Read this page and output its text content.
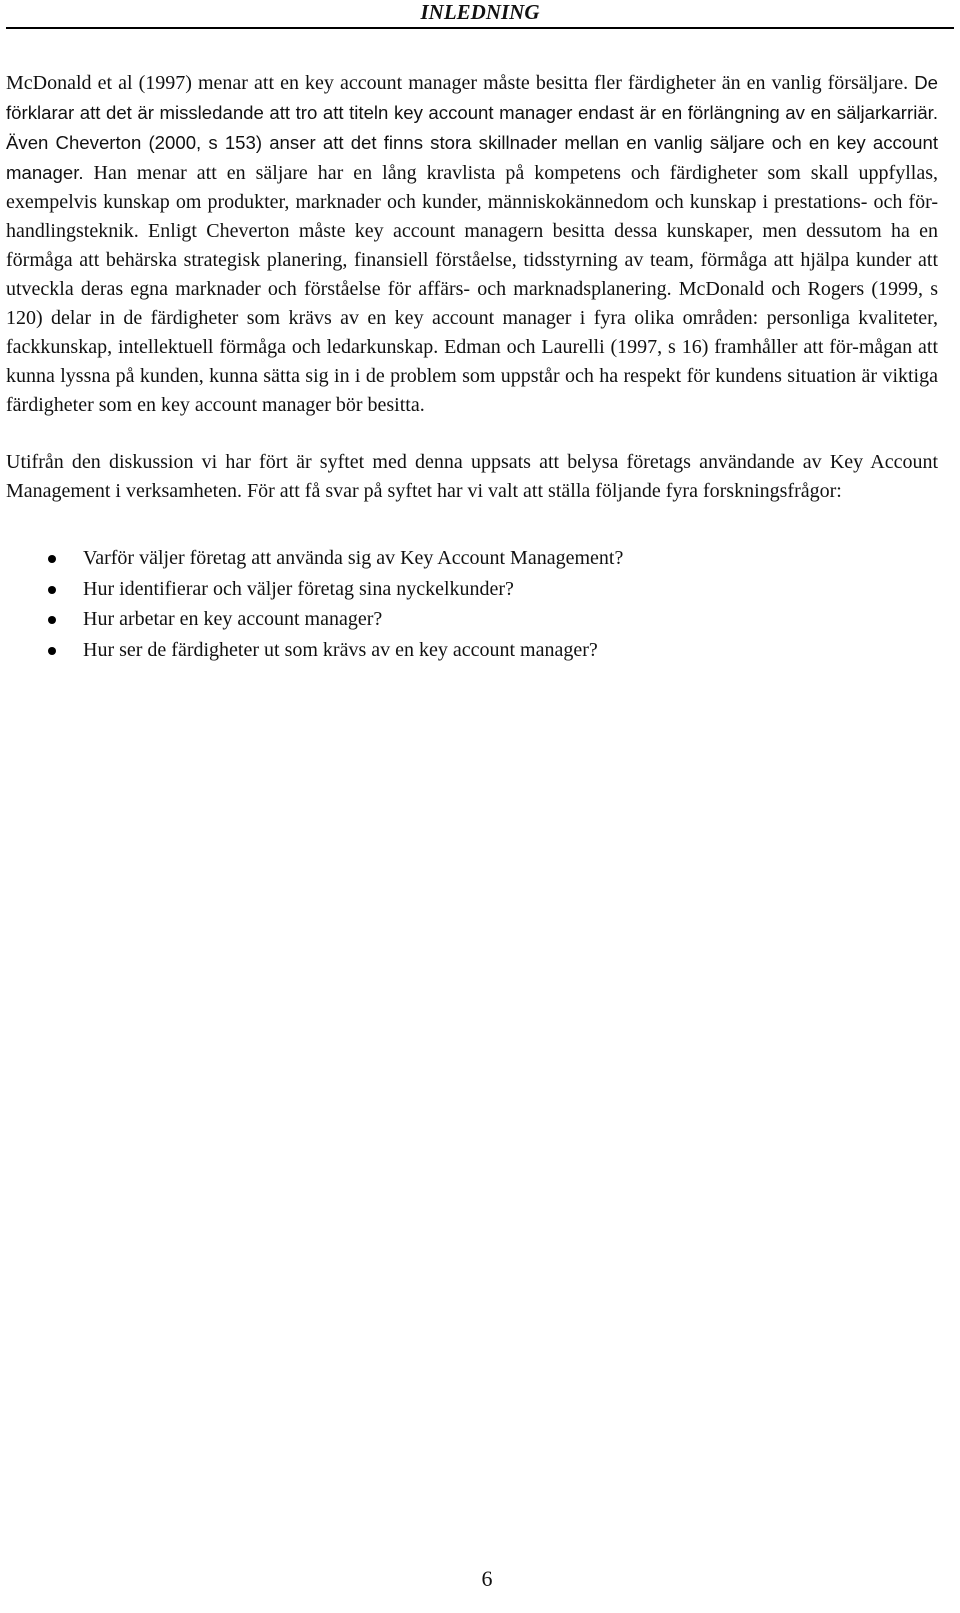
INLEDNING

McDonald et al (1997) menar att en key account manager måste besitta fler färdigheter än en vanlig försäljare. De förklarar att det är missledande att tro att titeln key account manager endast är en förlängning av en säljarkarriär. Även Cheverton (2000, s 153) anser att det finns stora skillnader mellan en vanlig säljare och en key account manager. Han menar att en säljare har en lång kravlista på kompetens och färdigheter som skall uppfyllas, exempelvis kunskap om produkter, marknader och kunder, människokännedom och kunskap i prestations- och för-handlingsteknik. Enligt Cheverton måste key account managern besitta dessa kunskaper, men dessutom ha en förmåga att behärska strategisk planering, finansiell förståelse, tidsstyrning av team, förmåga att hjälpa kunder att utveckla deras egna marknader och förståelse för affärs- och marknadsplanering. McDonald och Rogers (1999, s 120) delar in de färdigheter som krävs av en key account manager i fyra olika områden: personliga kvaliteter, fackkunskap, intellektuell förmåga och ledarkunskap. Edman och Laurelli (1997, s 16) framhåller att för-mågan att kunna lyssna på kunden, kunna sätta sig in i de problem som uppstår och ha respekt för kundens situation är viktiga färdigheter som en key account manager bör besitta.

Utifrån den diskussion vi har fört är syftet med denna uppsats att belysa företags användande av Key Account Management i verksamheten. För att få svar på syftet har vi valt att ställa följande fyra forskningsfrågor:

Varför väljer företag att använda sig av Key Account Management?
Hur identifierar och väljer företag sina nyckelkunder?
Hur arbetar en key account manager?
Hur ser de färdigheter ut som krävs av en key account manager?
6
